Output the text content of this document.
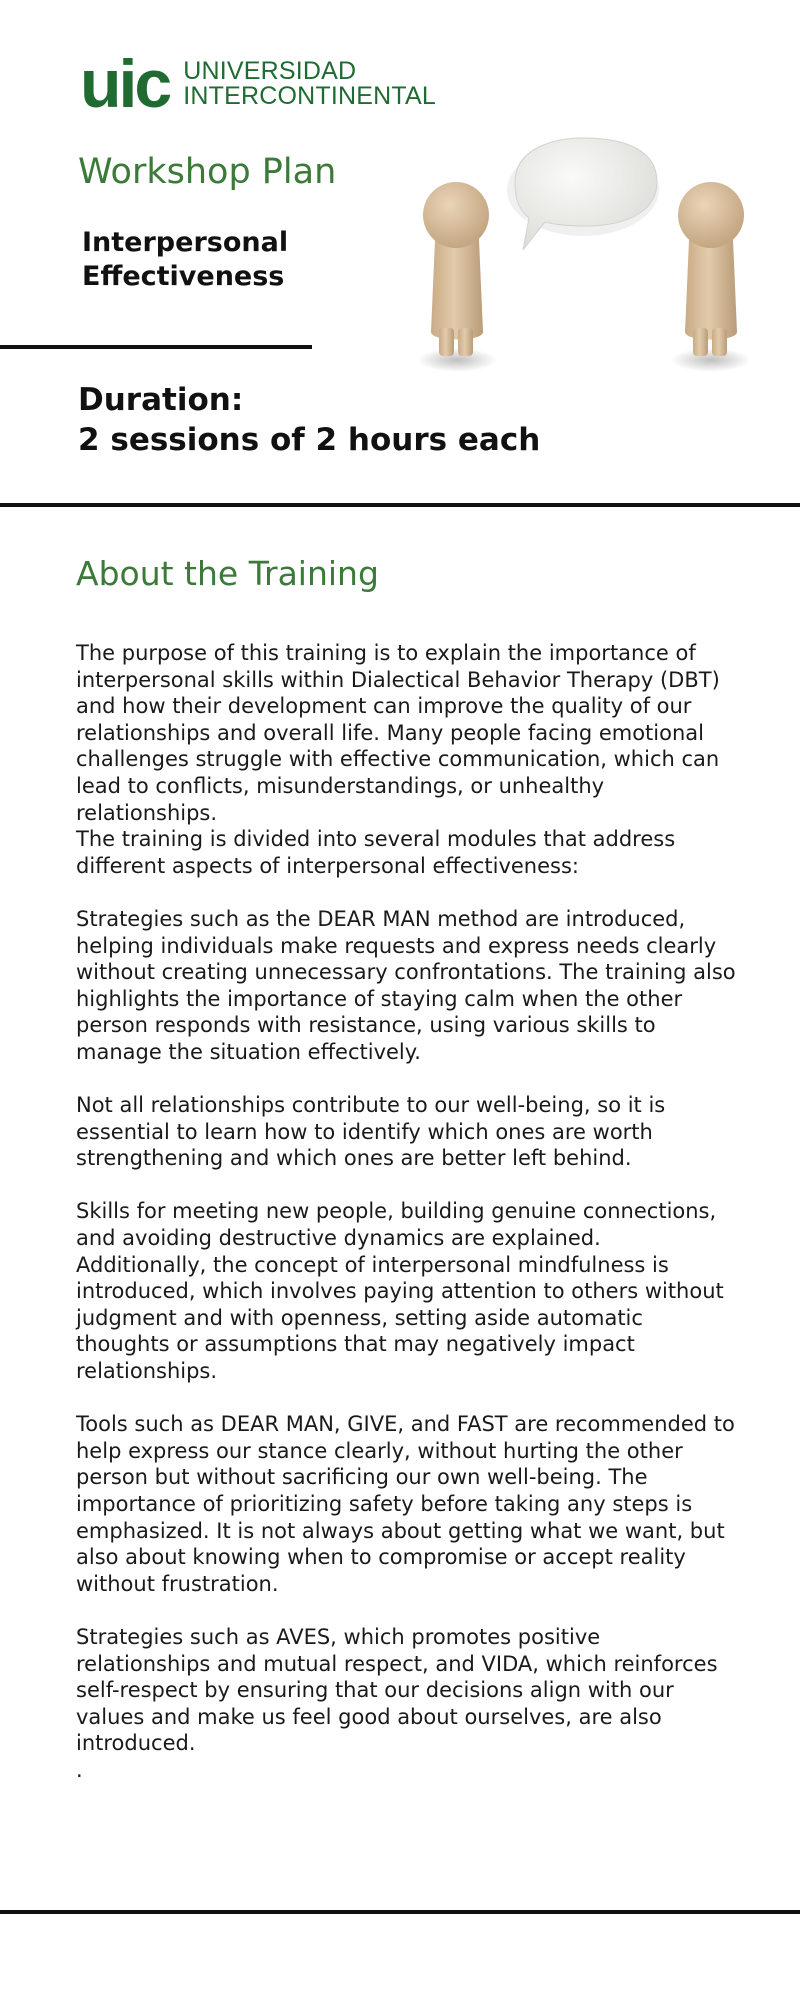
uic UNIVERSIDAD
INTERCONTINENTAL
Workshop Plan
Interpersonal Effectiveness
Duration:
2 sessions of 2 hours each
About the Training

The purpose of this training is to explain the importance of interpersonal skills within Dialectical Behavior Therapy (DBT) and how their development can improve the quality of our relationships and overall life. Many people facing emotional challenges struggle with effective communication, which can lead to conflicts, misunderstandings, or unhealthy relationships.

The training is divided into several modules that address different aspects of interpersonal effectiveness:

Strategies such as the DEAR MAN method are introduced, helping individuals make requests and express needs clearly without creating unnecessary confrontations. The training also highlights the importance of staying calm when the other person responds with resistance, using various skills to manage the situation effectively.

Not all relationships contribute to our well-being, so it is essential to learn how to identify which ones are worth strengthening and which ones are better left behind.

Skills for meeting new people, building genuine connections, and avoiding destructive dynamics are explained. Additionally, the concept of interpersonal mindfulness is introduced, which involves paying attention to others without judgment and with openness, setting aside automatic thoughts or assumptions that may negatively impact relationships.

Tools such as DEAR MAN, GIVE, and FAST are recommended to help express our stance clearly, without hurting the other person but without sacrificing our own well-being. The importance of prioritizing safety before taking any steps is emphasized. It is not always about getting what we want, but also about knowing when to compromise or accept reality without frustration.

Strategies such as AVES, which promotes positive relationships and mutual respect, and VIDA, which reinforces self-respect by ensuring that our decisions align with our values and make us feel good about ourselves, are also introduced.

.
